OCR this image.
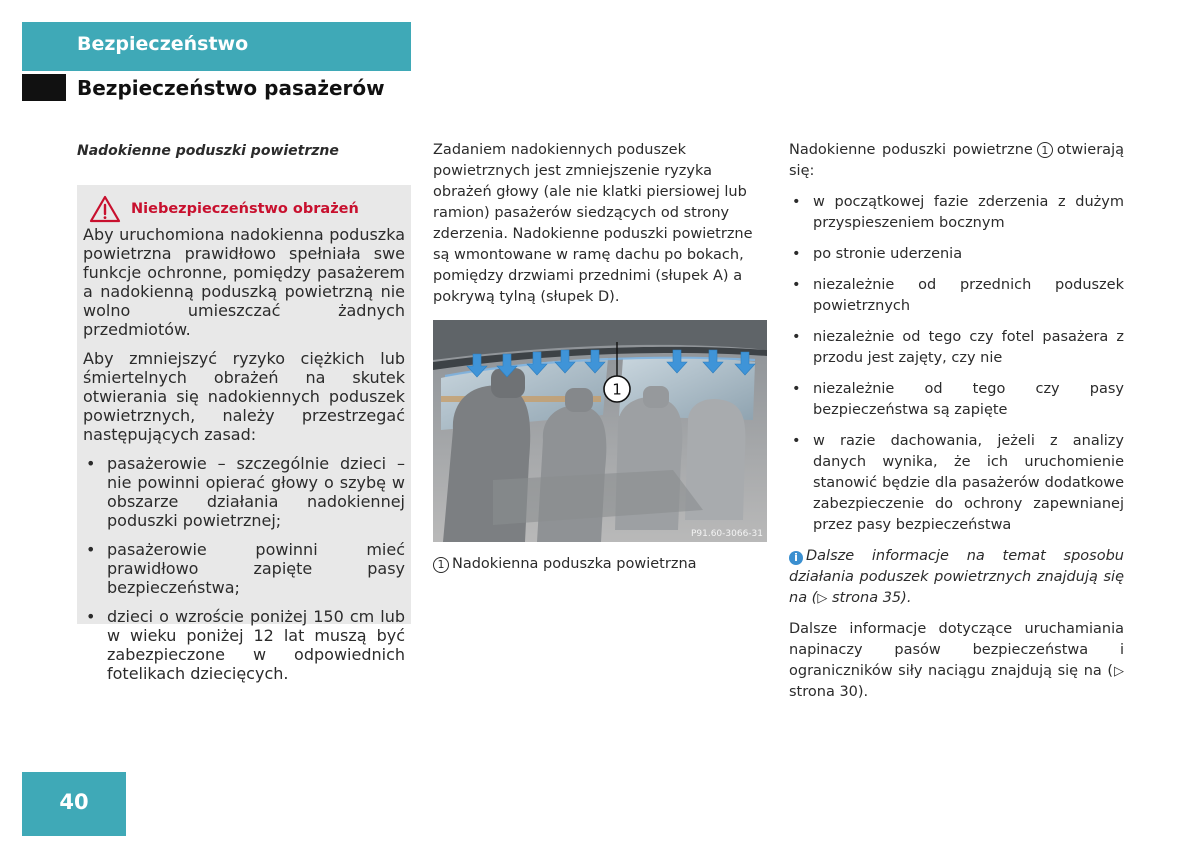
Bezpieczeństwo
Bezpieczeństwo pasażerów

Nadokienne poduszki powietrzne

Niebezpieczeństwo obrażeń

Aby uruchomiona nadokienna poduszka powietrzna prawidłowo spełniała swe funkcje ochronne, pomiędzy pasażerem a nadokienną poduszką powietrzną nie wolno umieszczać żadnych przedmiotów.

Aby zmniejszyć ryzyko ciężkich lub śmiertelnych obrażeń na skutek otwierania się nadokiennych poduszek powietrznych, należy przestrzegać następujących zasad:

• pasażerowie – szczególnie dzieci – nie powinni opierać głowy o szybę w obszarze działania nadokiennej poduszki powietrznej;
• pasażerowie powinni mieć prawidłowo zapięte pasy bezpieczeństwa;
• dzieci o wzroście poniżej 150 cm lub w wieku poniżej 12 lat muszą być zabezpieczone w odpowiednich fotelikach dziecięcych.

Zadaniem nadokiennych poduszek powietrznych jest zmniejszenie ryzyka obrażeń głowy (ale nie klatki piersiowej lub ramion) pasażerów siedzących od strony zderzenia. Nadokienne poduszki powietrzne są wmontowane w ramę dachu po bokach, pomiędzy drzwiami przednimi (słupek A) a pokrywą tylną (słupek D).

1
P91.60-3066-31
1 Nadokienna poduszka powietrzna

Nadokienne poduszki powietrzne 1 otwierają się:

• w początkowej fazie zderzenia z dużym przyspieszeniem bocznym
• po stronie uderzenia
• niezależnie od przednich poduszek powietrznych
• niezależnie od tego czy fotel pasażera z przodu jest zajęty, czy nie
• niezależnie od tego czy pasy bezpieczeństwa są zapięte
• w razie dachowania, jeżeli z analizy danych wynika, że ich uruchomienie stanowić będzie dla pasażerów dodatkowe zabezpieczenie do ochrony zapewnianej przez pasy bezpieczeństwa

i Dalsze informacje na temat sposobu działania poduszek powietrznych znajdują się na (▷ strona 35).

Dalsze informacje dotyczące uruchamiania napinaczy pasów bezpieczeństwa i ograniczników siły naciągu znajdują się na (▷ strona 30).

40
